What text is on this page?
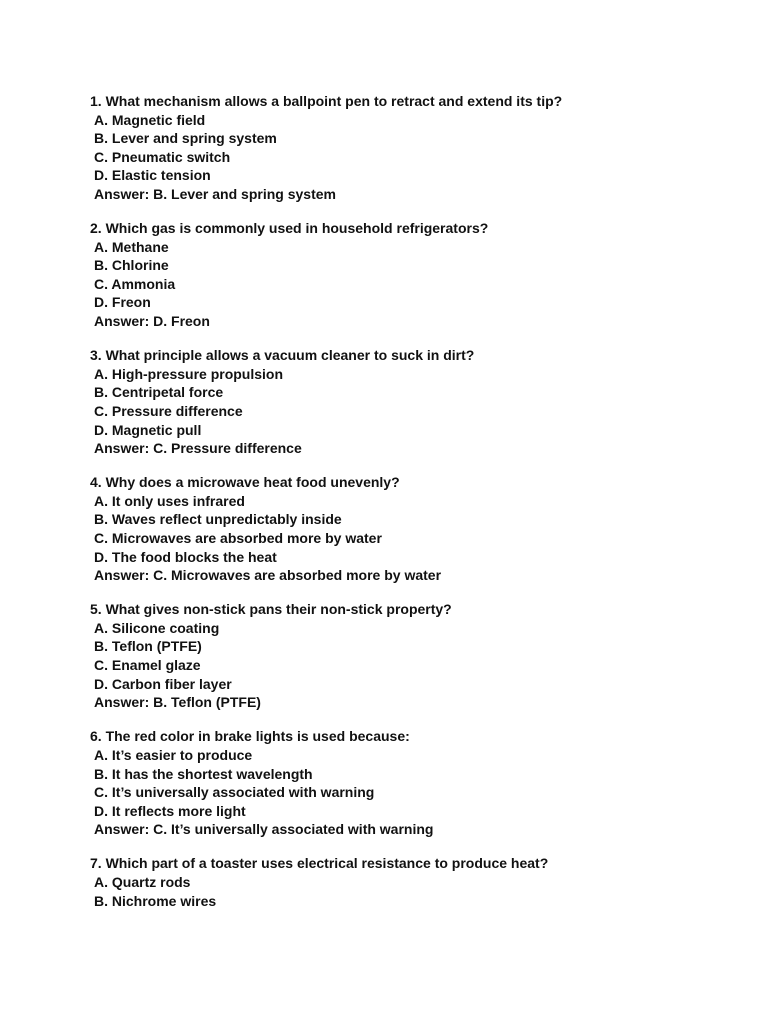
1. What mechanism allows a ballpoint pen to retract and extend its tip?
A. Magnetic field
B. Lever and spring system
C. Pneumatic switch
D. Elastic tension
Answer: B. Lever and spring system
2. Which gas is commonly used in household refrigerators?
A. Methane
B. Chlorine
C. Ammonia
D. Freon
Answer: D. Freon
3. What principle allows a vacuum cleaner to suck in dirt?
A. High-pressure propulsion
B. Centripetal force
C. Pressure difference
D. Magnetic pull
Answer: C. Pressure difference
4. Why does a microwave heat food unevenly?
A. It only uses infrared
B. Waves reflect unpredictably inside
C. Microwaves are absorbed more by water
D. The food blocks the heat
Answer: C. Microwaves are absorbed more by water
5. What gives non-stick pans their non-stick property?
A. Silicone coating
B. Teflon (PTFE)
C. Enamel glaze
D. Carbon fiber layer
Answer: B. Teflon (PTFE)
6. The red color in brake lights is used because:
A. It’s easier to produce
B. It has the shortest wavelength
C. It’s universally associated with warning
D. It reflects more light
Answer: C. It’s universally associated with warning
7. Which part of a toaster uses electrical resistance to produce heat?
A. Quartz rods
B. Nichrome wires
